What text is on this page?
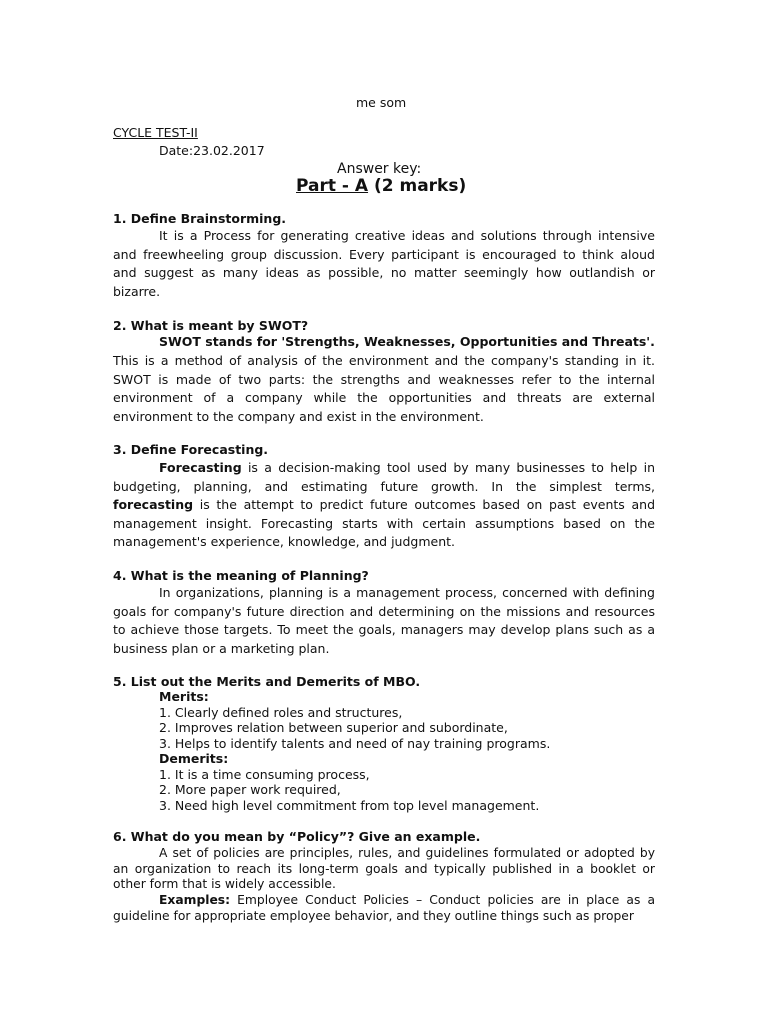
me som
CYCLE TEST-II
Date:23.02.2017
Answer key:
Part - A (2 marks)
1. Define Brainstorming.
It is a Process for generating creative ideas and solutions through intensive and freewheeling group discussion. Every participant is encouraged to think aloud and suggest as many ideas as possible, no matter seemingly how outlandish or bizarre.
2. What is meant by SWOT?
SWOT stands for 'Strengths, Weaknesses, Opportunities and Threats'.
This is a method of analysis of the environment and the company's standing in it. SWOT is made of two parts: the strengths and weaknesses refer to the internal environment of a company while the opportunities and threats are external environment to the company and exist in the environment.
3. Define Forecasting.
Forecasting is a decision-making tool used by many businesses to help in budgeting, planning, and estimating future growth. In the simplest terms, forecasting is the attempt to predict future outcomes based on past events and management insight. Forecasting starts with certain assumptions based on the management's experience, knowledge, and judgment.
4. What is the meaning of Planning?
In organizations, planning is a management process, concerned with defining goals for company's future direction and determining on the missions and resources to achieve those targets. To meet the goals, managers may develop plans such as a business plan or a marketing plan.
5. List out the Merits and Demerits of MBO.
Merits:
1. Clearly defined roles and structures,
2. Improves relation between superior and subordinate,
3. Helps to identify talents and need of nay training programs.
Demerits:
1. It is a time consuming process,
2. More paper work required,
3. Need high level commitment from top level management.
6. What do you mean by “Policy”? Give an example.
A set of policies are principles, rules, and guidelines formulated or adopted by an organization to reach its long-term goals and typically published in a booklet or other form that is widely accessible.
Examples: Employee Conduct Policies – Conduct policies are in place as a guideline for appropriate employee behavior, and they outline things such as proper
